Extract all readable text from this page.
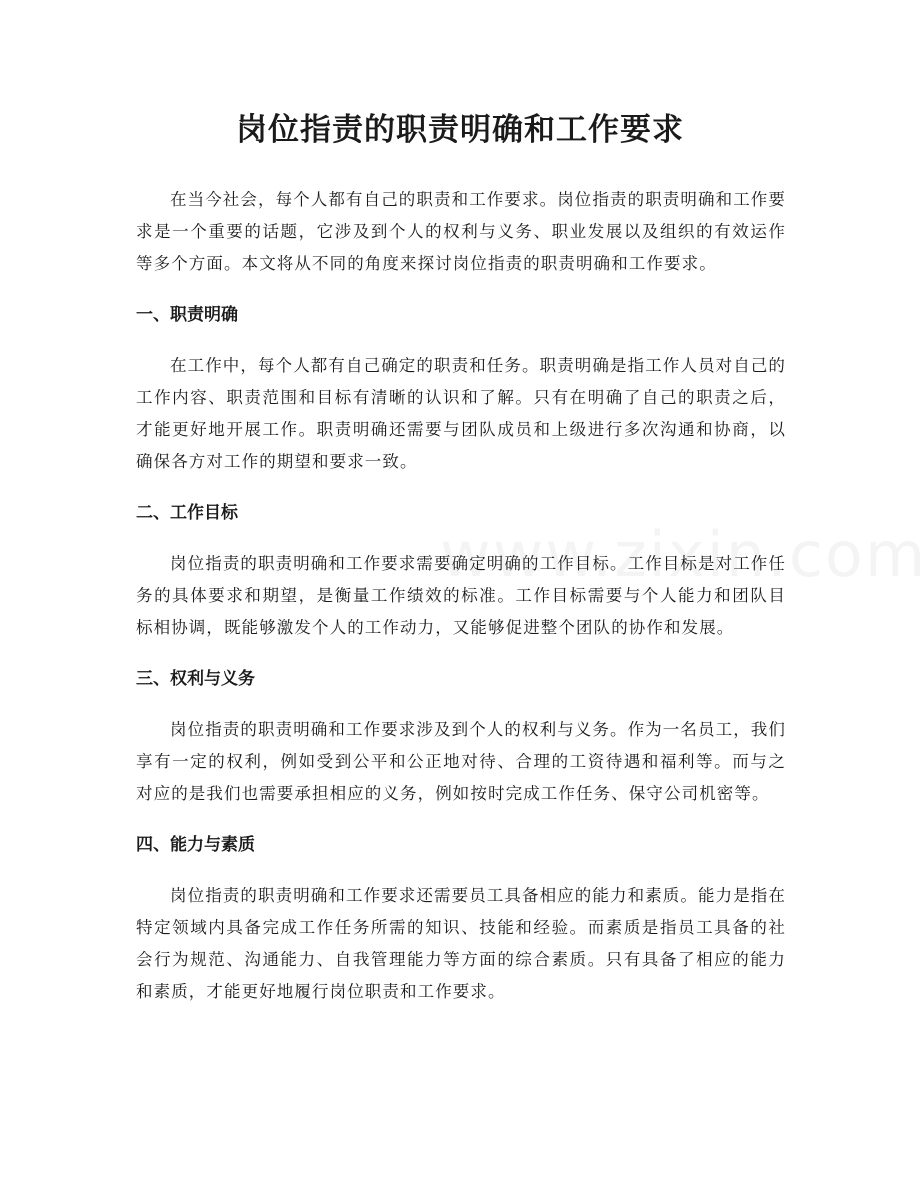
岗位指责的职责明确和工作要求

在当今社会，每个人都有自己的职责和工作要求。岗位指责的职责明确和工作要求是一个重要的话题，它涉及到个人的权利与义务、职业发展以及组织的有效运作等多个方面。本文将从不同的角度来探讨岗位指责的职责明确和工作要求。

一、职责明确

在工作中，每个人都有自己确定的职责和任务。职责明确是指工作人员对自己的工作内容、职责范围和目标有清晰的认识和了解。只有在明确了自己的职责之后，才能更好地开展工作。职责明确还需要与团队成员和上级进行多次沟通和协商，以确保各方对工作的期望和要求一致。

二、工作目标

岗位指责的职责明确和工作要求需要确定明确的工作目标。工作目标是对工作任务的具体要求和期望，是衡量工作绩效的标准。工作目标需要与个人能力和团队目标相协调，既能够激发个人的工作动力，又能够促进整个团队的协作和发展。

三、权利与义务

岗位指责的职责明确和工作要求涉及到个人的权利与义务。作为一名员工，我们享有一定的权利，例如受到公平和公正地对待、合理的工资待遇和福利等。而与之对应的是我们也需要承担相应的义务，例如按时完成工作任务、保守公司机密等。

四、能力与素质

岗位指责的职责明确和工作要求还需要员工具备相应的能力和素质。能力是指在特定领域内具备完成工作任务所需的知识、技能和经验。而素质是指员工具备的社会行为规范、沟通能力、自我管理能力等方面的综合素质。只有具备了相应的能力和素质，才能更好地履行岗位职责和工作要求。
